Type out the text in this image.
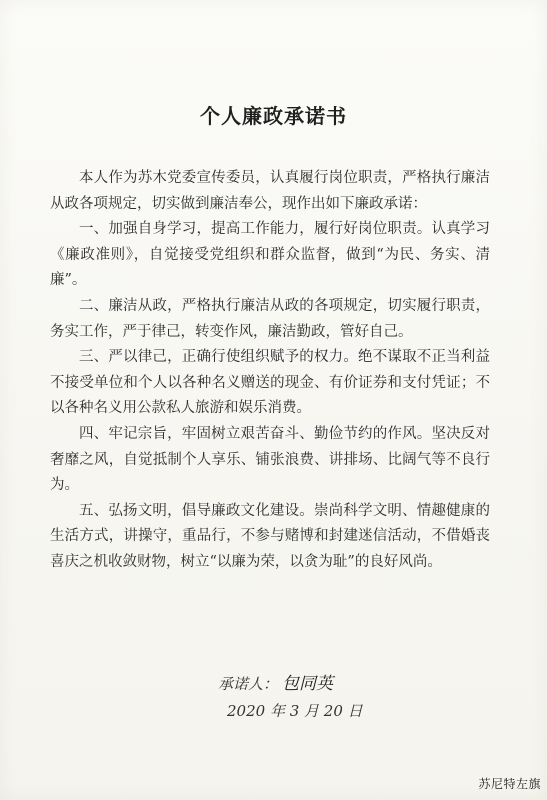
个人廉政承诺书

本人作为苏木党委宣传委员，认真履行岗位职责，严格执行廉洁从政各项规定，切实做到廉洁奉公，现作出如下廉政承诺：

一、加强自身学习，提高工作能力，履行好岗位职责。认真学习《廉政准则》，自觉接受党组织和群众监督，做到“为民、务实、清廉”。

二、廉洁从政，严格执行廉洁从政的各项规定，切实履行职责，务实工作，严于律己，转变作风，廉洁勤政，管好自己。

三、严以律己，正确行使组织赋予的权力。绝不谋取不正当利益不接受单位和个人以各种名义赠送的现金、有价证券和支付凭证；不以各种名义用公款私人旅游和娱乐消费。

四、牢记宗旨，牢固树立艰苦奋斗、勤俭节约的作风。坚决反对奢靡之风，自觉抵制个人享乐、铺张浪费、讲排场、比阔气等不良行为。

五、弘扬文明，倡导廉政文化建设。崇尚科学文明、情趣健康的生活方式，讲操守，重品行，不参与赌博和封建迷信活动，不借婚丧喜庆之机收敛财物，树立“以廉为荣，以贪为耻”的良好风尚。

承诺人： 包同英
2020 年 3 月 20 日
苏尼特左旗
